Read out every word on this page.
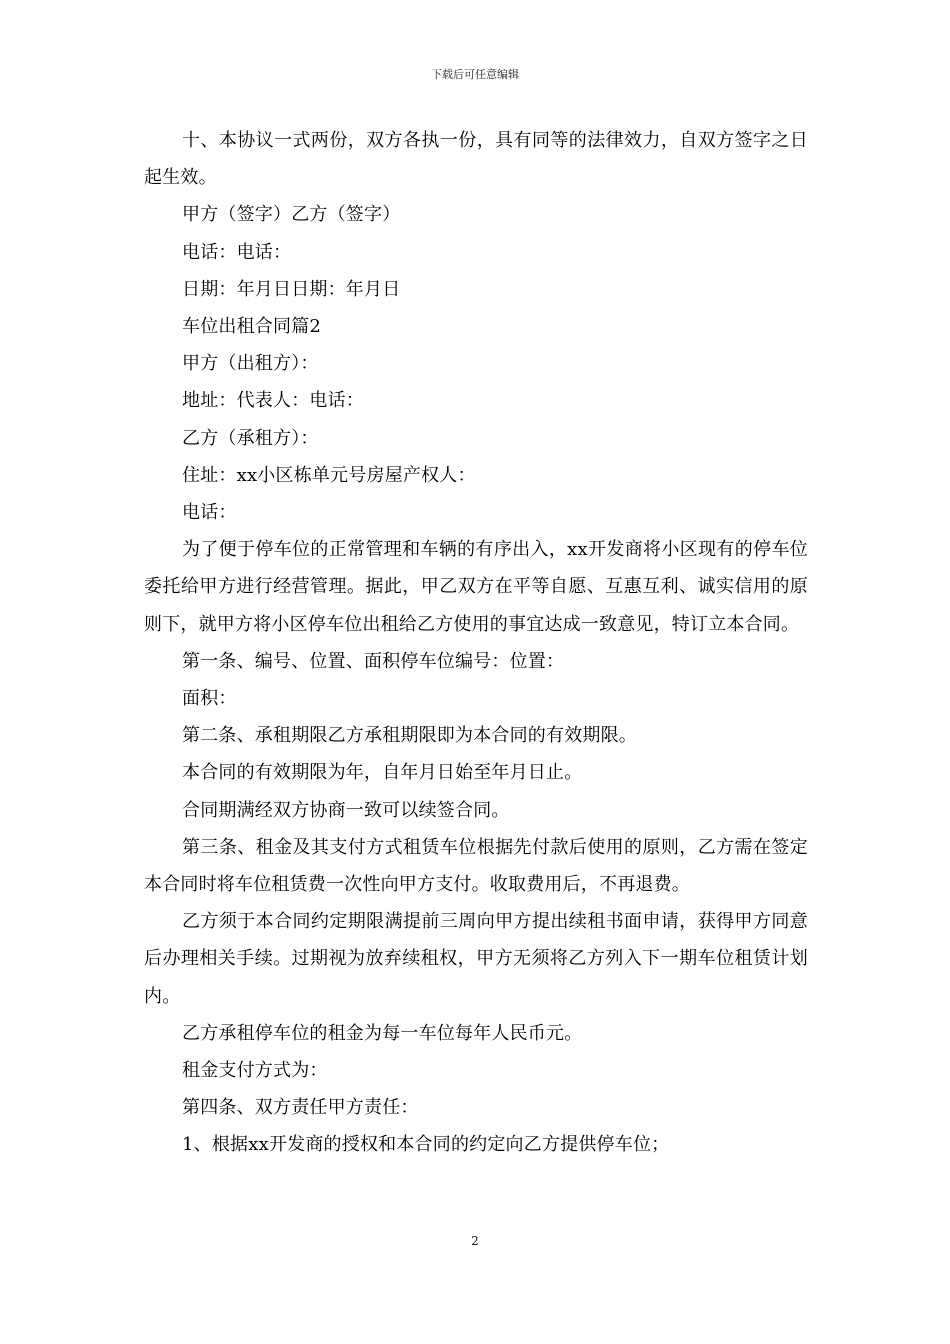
下载后可任意编辑

十、本协议一式两份，双方各执一份，具有同等的法律效力，自双方签字之日起生效。

甲方（签字）乙方（签字）

电话：电话：

日期：年月日日期：年月日

车位出租合同篇2

甲方（出租方）：

地址：代表人：电话：

乙方（承租方）：

住址：xx小区栋单元号房屋产权人：

电话：

为了便于停车位的正常管理和车辆的有序出入，xx开发商将小区现有的停车位委托给甲方进行经营管理。据此，甲乙双方在平等自愿、互惠互利、诚实信用的原则下，就甲方将小区停车位出租给乙方使用的事宜达成一致意见，特订立本合同。

第一条、编号、位置、面积停车位编号：位置：

面积：

第二条、承租期限乙方承租期限即为本合同的有效期限。

本合同的有效期限为年，自年月日始至年月日止。

合同期满经双方协商一致可以续签合同。

第三条、租金及其支付方式租赁车位根据先付款后使用的原则，乙方需在签定本合同时将车位租赁费一次性向甲方支付。收取费用后，不再退费。

乙方须于本合同约定期限满提前三周向甲方提出续租书面申请，获得甲方同意后办理相关手续。过期视为放弃续租权，甲方无须将乙方列入下一期车位租赁计划内。

乙方承租停车位的租金为每一车位每年人民币元。

租金支付方式为：

第四条、双方责任甲方责任：

1、根据xx开发商的授权和本合同的约定向乙方提供停车位；

2
